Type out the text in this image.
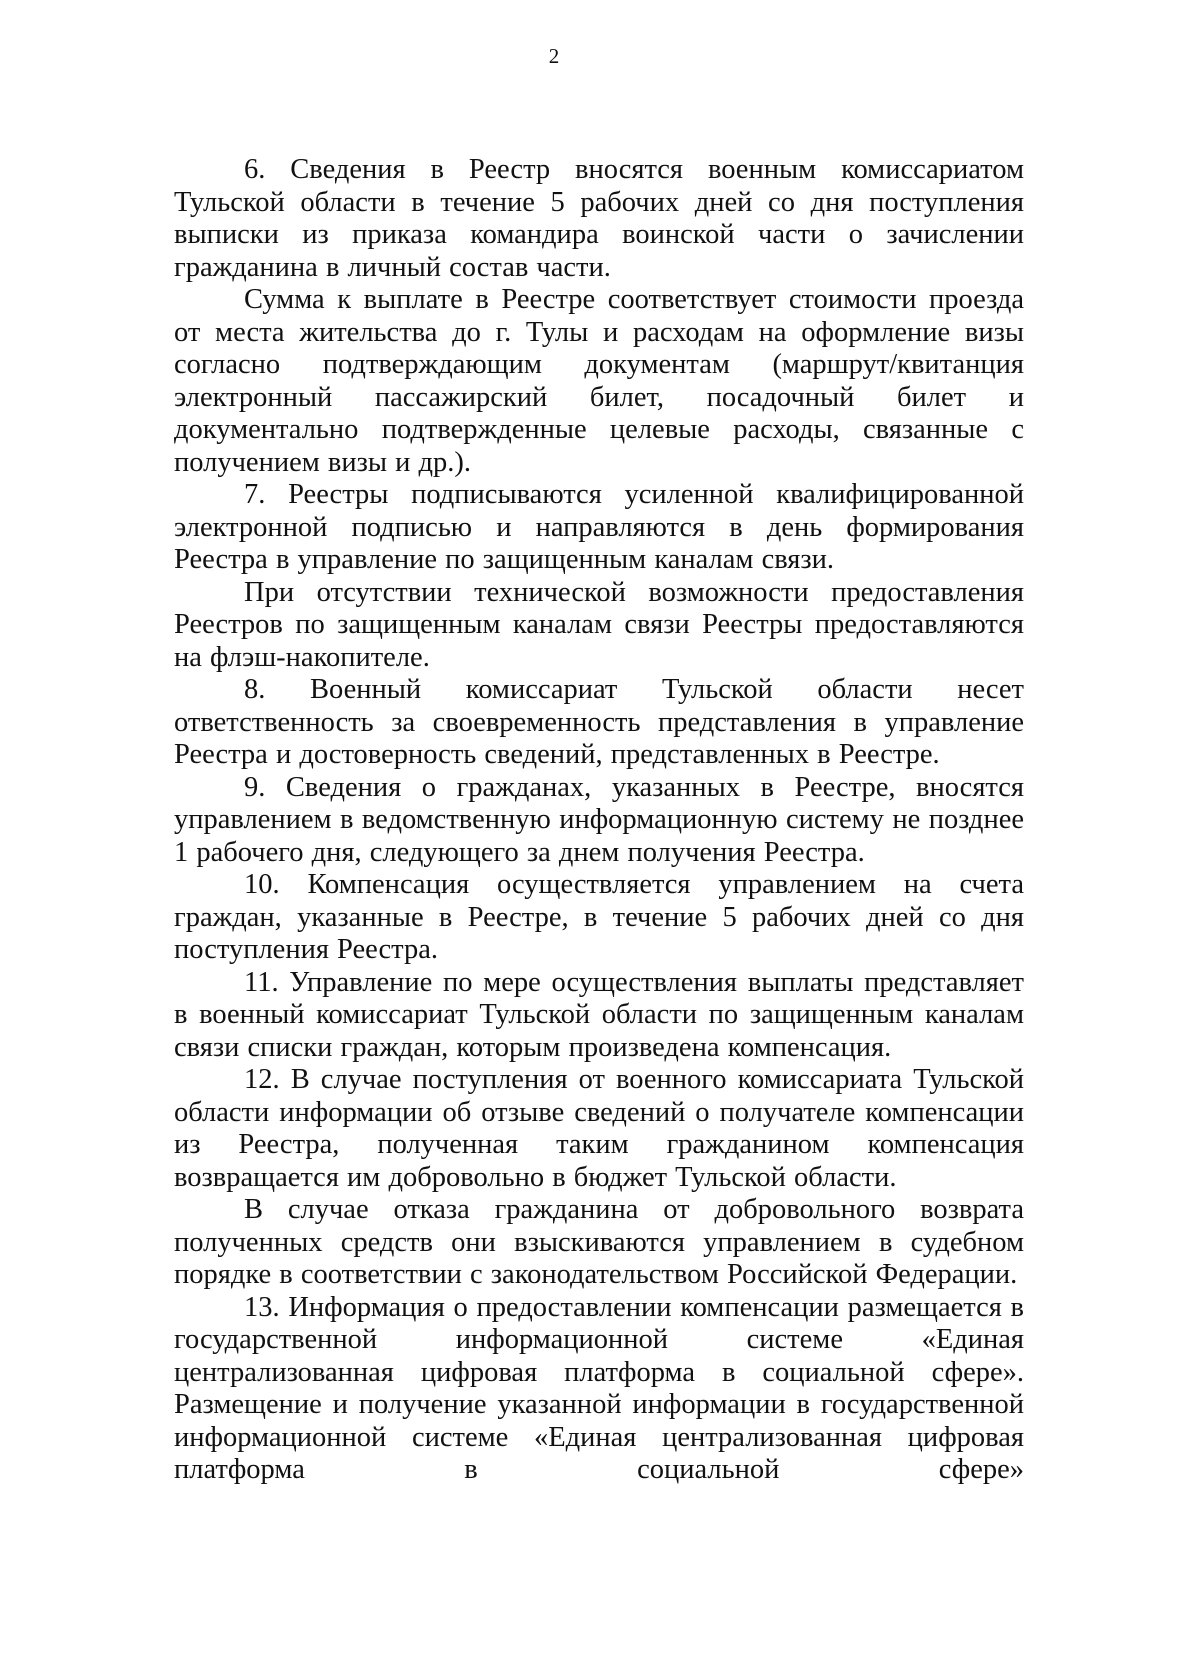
2

6. Сведения в Реестр вносятся военным комиссариатом Тульской области в течение 5 рабочих дней со дня поступления выписки из приказа командира воинской части о зачислении гражданина в личный состав части.

Сумма к выплате в Реестре соответствует стоимости проезда от места жительства до г. Тулы и расходам на оформление визы согласно подтверждающим документам (маршрут/квитанция электронный пассажирский билет, посадочный билет и документально подтвержденные целевые расходы, связанные с получением визы и др.).

7. Реестры подписываются усиленной квалифицированной электронной подписью и направляются в день формирования Реестра в управление по защищенным каналам связи.

При отсутствии технической возможности предоставления Реестров по защищенным каналам связи Реестры предоставляются на флэш-накопителе.

8. Военный комиссариат Тульской области несет ответственность за своевременность представления в управление Реестра и достоверность сведений, представленных в Реестре.

9. Сведения о гражданах, указанных в Реестре, вносятся управлением в ведомственную информационную систему не позднее 1 рабочего дня, следующего за днем получения Реестра.

10. Компенсация осуществляется управлением на счета граждан, указанные в Реестре, в течение 5 рабочих дней со дня поступления Реестра.

11. Управление по мере осуществления выплаты представляет в военный комиссариат Тульской области по защищенным каналам связи списки граждан, которым произведена компенсация.

12. В случае поступления от военного комиссариата Тульской области информации об отзыве сведений о получателе компенсации из Реестра, полученная таким гражданином компенсация возвращается им добровольно в бюджет Тульской области.

В случае отказа гражданина от добровольного возврата полученных средств они взыскиваются управлением в судебном порядке в соответствии с законодательством Российской Федерации.

13. Информация о предоставлении компенсации размещается в государственной информационной системе «Единая централизованная цифровая платформа в социальной сфере». Размещение и получение указанной информации в государственной информационной системе «Единая централизованная цифровая платформа в социальной сфере»
